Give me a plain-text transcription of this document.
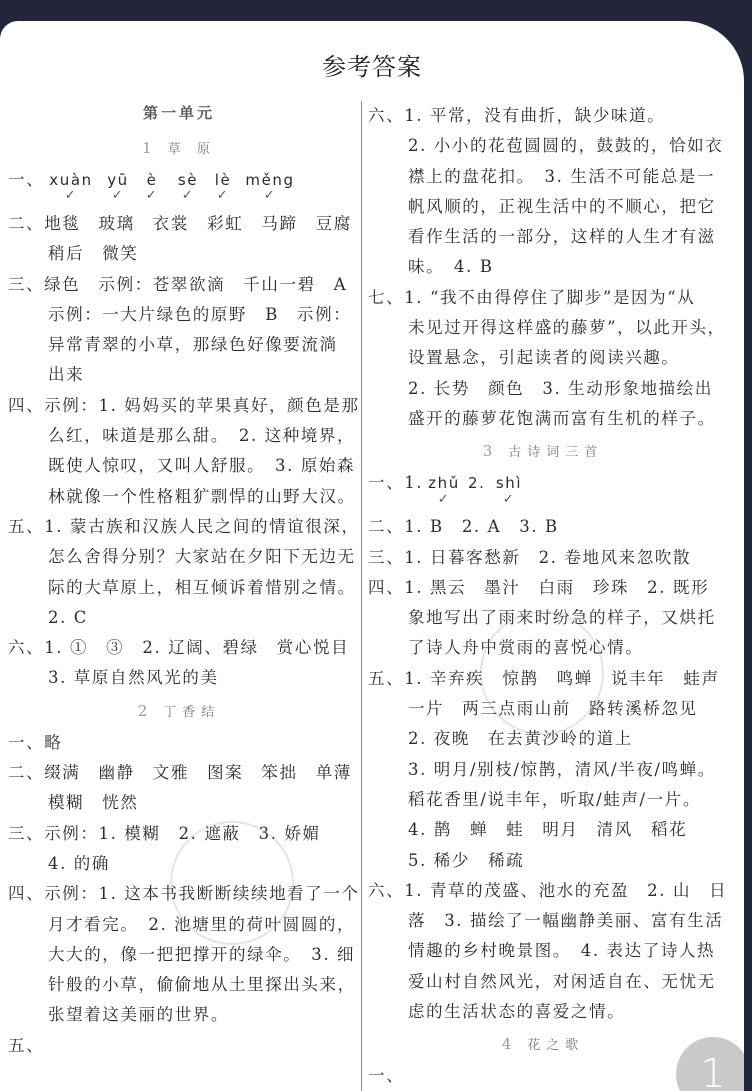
参考答案
第一单元
1 草 原
一、 xuàn
✓
yū
✓
è
✓
sè
✓
lè
✓
měng
✓
二、地毯　玻璃　衣裳　彩虹　马蹄　豆腐
稍后　微笑
三、绿色　示例：苍翠欲滴　千山一碧　A
示例：一大片绿色的原野　B　示例：
异常青翠的小草，那绿色好像要流淌
出来
四、示例：1. 妈妈买的苹果真好，颜色是那
么红，味道是那么甜。　2. 这种境界，
既使人惊叹，又叫人舒服。　3. 原始森
林就像一个性格粗犷剽悍的山野大汉。
五、1. 蒙古族和汉族人民之间的情谊很深，
怎么舍得分别？大家站在夕阳下无边无
际的大草原上，相互倾诉着惜别之情。
2. C
六、1. ①　③　2. 辽阔、碧绿　赏心悦目
3. 草原自然风光的美
2 丁香结
一、略
二、缀满　幽静　文雅　图案　笨拙　单薄
模糊　恍然
三、示例：1. 模糊　2. 遮蔽　3. 娇媚
4. 的确
四、示例：1. 这本书我断断续续地看了一个
月才看完。　2. 池塘里的荷叶圆圆的，
大大的，像一把把撑开的绿伞。　3. 细
针般的小草，偷偷地从土里探出头来，
张望着这美丽的世界。
五、
六、1. 平常，没有曲折，缺少味道。
2. 小小的花苞圆圆的，鼓鼓的，恰如衣
襟上的盘花扣。　3. 生活不可能总是一
帆风顺的，正视生活中的不顺心，把它
看作生活的一部分，这样的人生才有滋
味。　4. B
七、1. “我不由得停住了脚步”是因为“从
未见过开得这样盛的藤萝”，以此开头，
设置悬念，引起读者的阅读兴趣。
2. 长势　颜色　3. 生动形象地描绘出
盛开的藤萝花饱满而富有生机的样子。
3 古诗词三首
一、1. zhǔ
✓
2. shì
✓
二、1. B　2. A　3. B
三、1. 日暮客愁新　2. 卷地风来忽吹散
四、1. 黑云　墨汁　白雨　珍珠　2. 既形
象地写出了雨来时纷急的样子，又烘托
了诗人舟中赏雨的喜悦心情。
五、1. 辛弃疾　惊鹊　鸣蝉　说丰年　蛙声
一片　两三点雨山前　路转溪桥忽见
2. 夜晚　在去黄沙岭的道上
3. 明月/别枝/惊鹊，清风/半夜/鸣蝉。
稻花香里/说丰年，听取/蛙声/一片。
4. 鹊　蝉　蛙　明月　清风　稻花
5. 稀少　稀疏
六、1. 青草的茂盛、池水的充盈　2. 山　日
落　3. 描绘了一幅幽静美丽、富有生活
情趣的乡村晚景图。　4. 表达了诗人热
爱山村自然风光，对闲适自在、无忧无
虑的生活状态的喜爱之情。
4 花之歌
一、	1
